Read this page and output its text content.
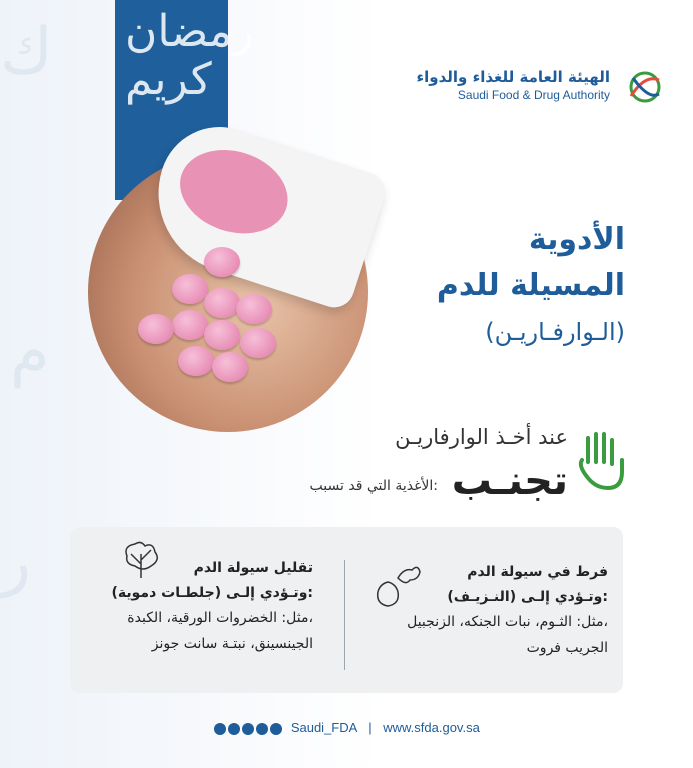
ﻙ
ﻡ
ﺭ
رمضان كريم	الهيئة العامة للغذاء والدواء
Saudi Food & Drug Authority
الأدوية
المسيلة للدم
(الـوارفـاريـن)
عند أخـذ الوارفاريـن
تجنـب
الأغذية التي قد تسبب:
تقليل سيولة الدم
وتـؤدي إلـى (جلطـات دموية):
مثل: الخضروات الورقية، الكبدة،
الجينسينق، نبتـة سانت جونز
فرط في سيولة الدم
وتـؤدي إلـى (النـزيـف):
مثل: الثـوم، نبات الجنكه، الزنجبيل،
الجريب فروت
Saudi_FDA | www.sfda.gov.sa
